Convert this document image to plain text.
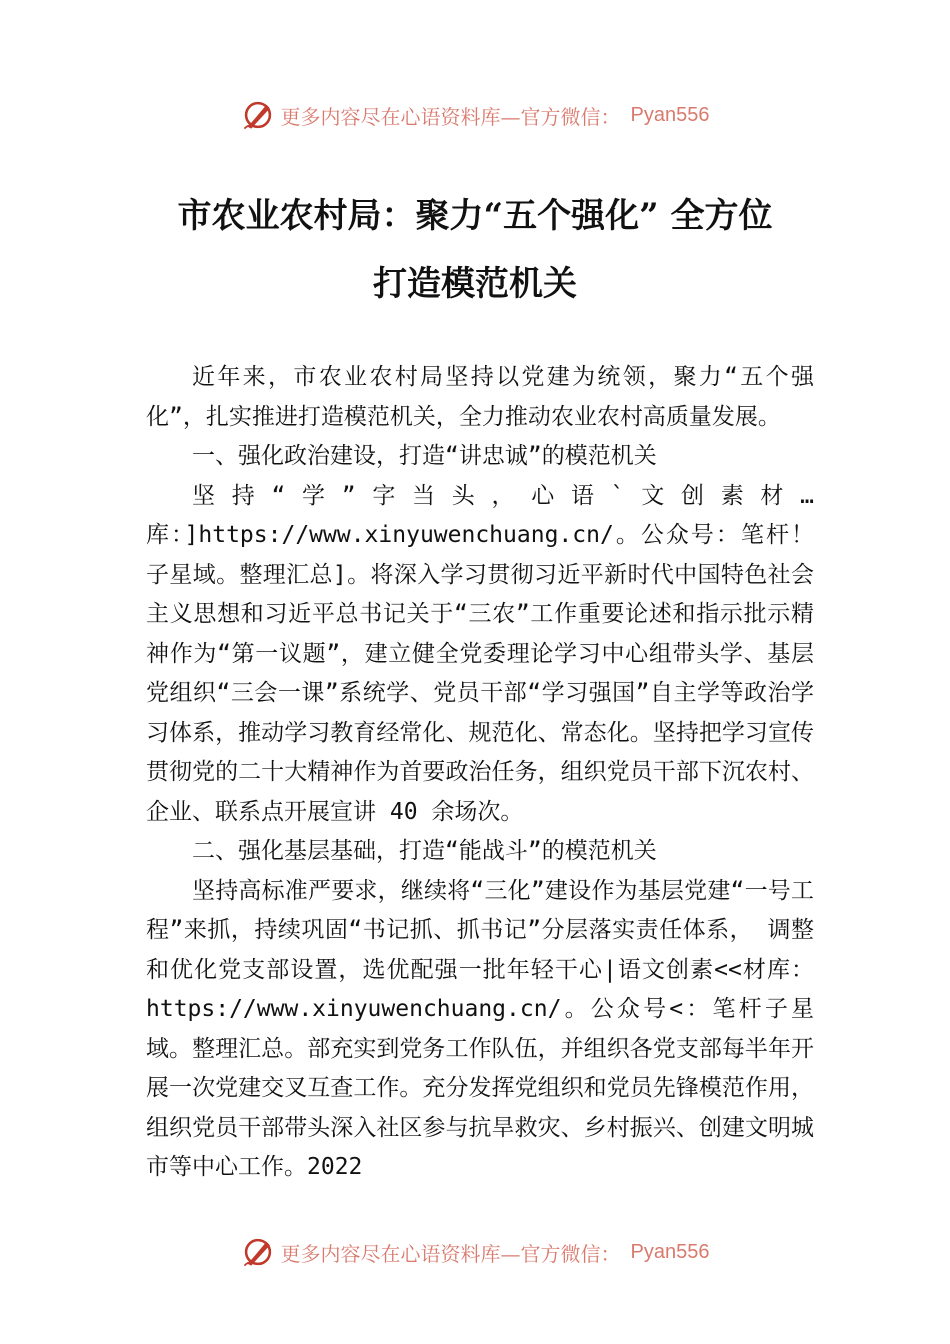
更多内容尽在心语资料库—官方微信： Pyan556
市农业农村局：聚力“五个强化” 全方位
打造模范机关

近年来，市农业农村局坚持以党建为统领，聚力“五个强化”，扎实推进打造模范机关，全力推动农业农村高质量发展。

一、强化政治建设，打造“讲忠诚”的模范机关

坚持“学”字当头，心语`文创素材…库：]https://www.xinyuwenchuang.cn/。公众号：笔杆！子星域。整理汇总]。将深入学习贯彻习近平新时代中国特色社会主义思想和习近平总书记关于“三农”工作重要论述和指示批示精神作为“第一议题”，建立健全党委理论学习中心组带头学、基层党组织“三会一课”系统学、党员干部“学习强国”自主学等政治学习体系，推动学习教育经常化、规范化、常态化。坚持把学习宣传贯彻党的二十大精神作为首要政治任务，组织党员干部下沉农村、企业、联系点开展宣讲 40 余场次。

二、强化基层基础，打造“能战斗”的模范机关

坚持高标准严要求，继续将“三化”建设作为基层党建“一号工程”来抓，持续巩固“书记抓、抓书记”分层落实责任体系， 调整和优化党支部设置，选优配强一批年轻干心|语文创素<<材库：https://www.xinyuwenchuang.cn/。公众号<：笔杆子星域。整理汇总。部充实到党务工作队伍，并组织各党支部每半年开展一次党建交叉互查工作。充分发挥党组织和党员先锋模范作用，组织党员干部带头深入社区参与抗旱救灾、乡村振兴、创建文明城市等中心工作。2022

更多内容尽在心语资料库—官方微信： Pyan556
